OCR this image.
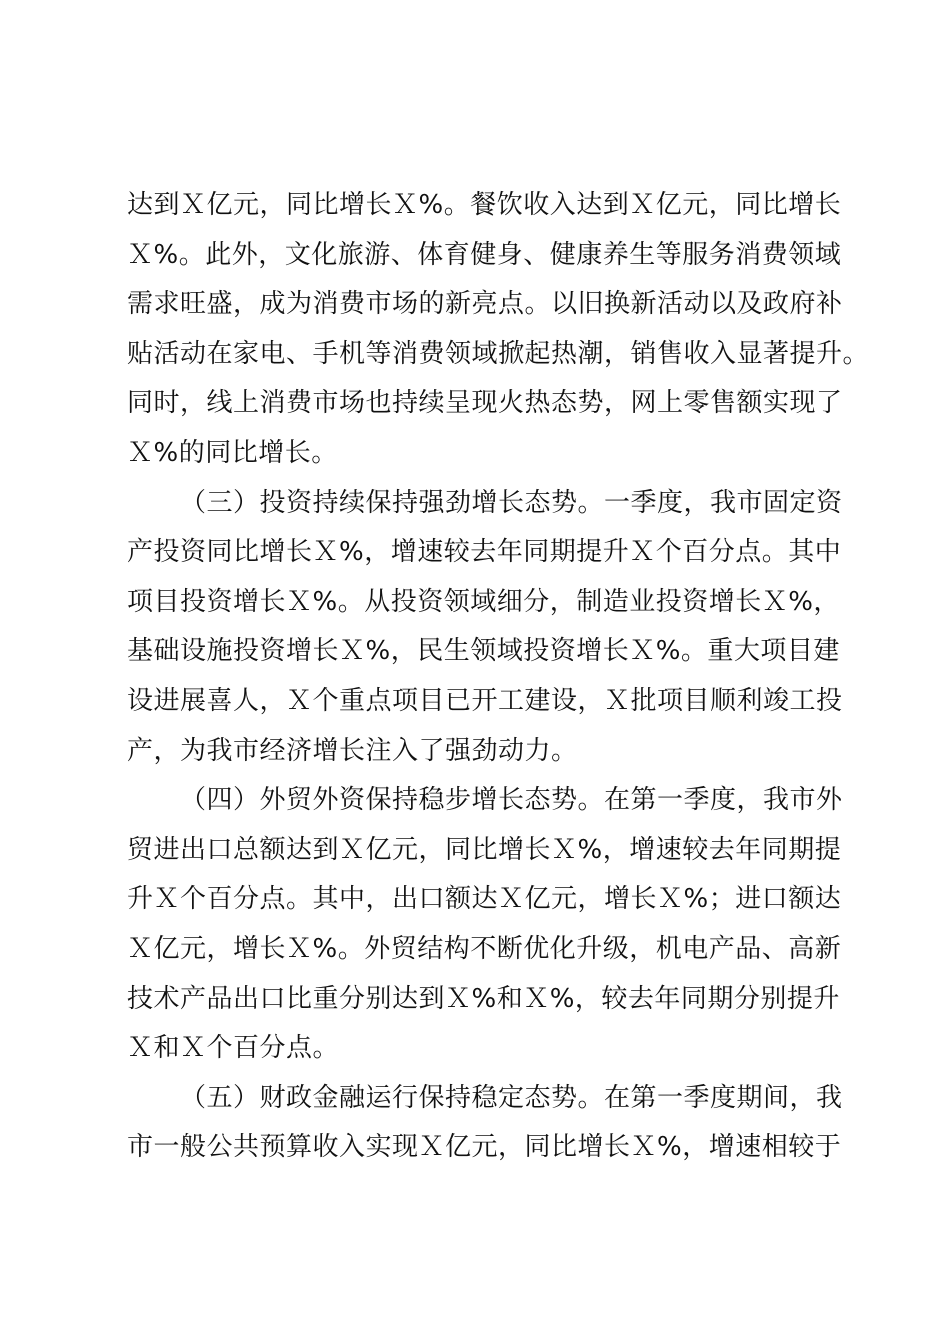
达到Ｘ亿元，同比增长Ｘ%。餐饮收入达到Ｘ亿元，同比增长
Ｘ%。此外，文化旅游、体育健身、健康养生等服务消费领域
需求旺盛，成为消费市场的新亮点。以旧换新活动以及政府补
贴活动在家电、手机等消费领域掀起热潮，销售收入显著提升。
同时，线上消费市场也持续呈现火热态势，网上零售额实现了
Ｘ%的同比增长。

（三）投资持续保持强劲增长态势。一季度，我市固定资
产投资同比增长Ｘ%，增速较去年同期提升Ｘ个百分点。其中
项目投资增长Ｘ%。从投资领域细分，制造业投资增长Ｘ%，
基础设施投资增长Ｘ%，民生领域投资增长Ｘ%。重大项目建
设进展喜人，Ｘ个重点项目已开工建设，Ｘ批项目顺利竣工投
产，为我市经济增长注入了强劲动力。

（四）外贸外资保持稳步增长态势。在第一季度，我市外
贸进出口总额达到Ｘ亿元，同比增长Ｘ%，增速较去年同期提
升Ｘ个百分点。其中，出口额达Ｘ亿元，增长Ｘ%；进口额达
Ｘ亿元，增长Ｘ%。外贸结构不断优化升级，机电产品、高新
技术产品出口比重分别达到Ｘ%和Ｘ%，较去年同期分别提升
Ｘ和Ｘ个百分点。

（五）财政金融运行保持稳定态势。在第一季度期间，我
市一般公共预算收入实现Ｘ亿元，同比增长Ｘ%，增速相较于
